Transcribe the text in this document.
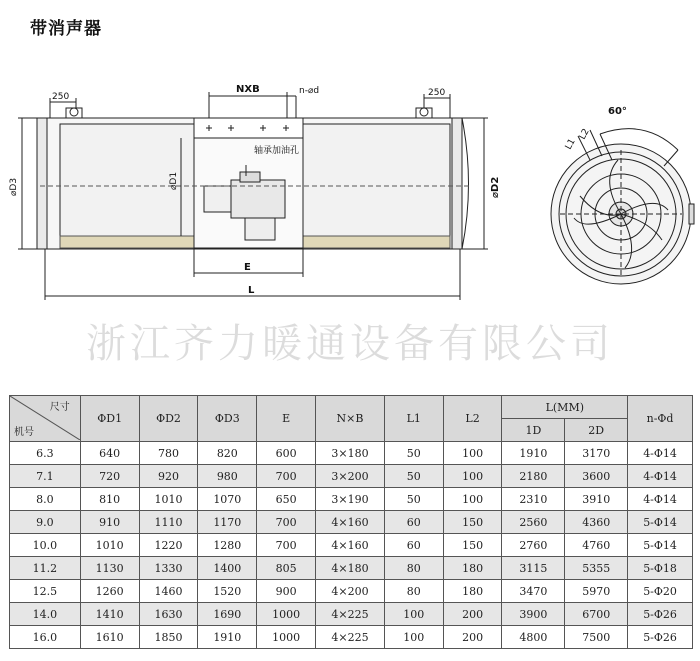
带消声器
250	250
NXB	n-⌀d
轴承加油孔
⌀D3	⌀D1	⌀D2
E
L
60°
L1
L2
浙江齐力暖通设备有限公司
尺寸
机号	ΦD1	ΦD2	ΦD3	E	N×B	L1	L2	L(MM)		n-Φd
								1D	2D	
6.3	640	780	820	600	3×180	50	100	1910	3170	4-Φ14
7.1	720	920	980	700	3×200	50	100	2180	3600	4-Φ14
8.0	810	1010	1070	650	3×190	50	100	2310	3910	4-Φ14
9.0	910	1110	1170	700	4×160	60	150	2560	4360	5-Φ14
10.0	1010	1220	1280	700	4×160	60	150	2760	4760	5-Φ14
11.2	1130	1330	1400	805	4×180	80	180	3115	5355	5-Φ18
12.5	1260	1460	1520	900	4×200	80	180	3470	5970	5-Φ20
14.0	1410	1630	1690	1000	4×225	100	200	3900	6700	5-Φ26
16.0	1610	1850	1910	1000	4×225	100	200	4800	7500	5-Φ26
